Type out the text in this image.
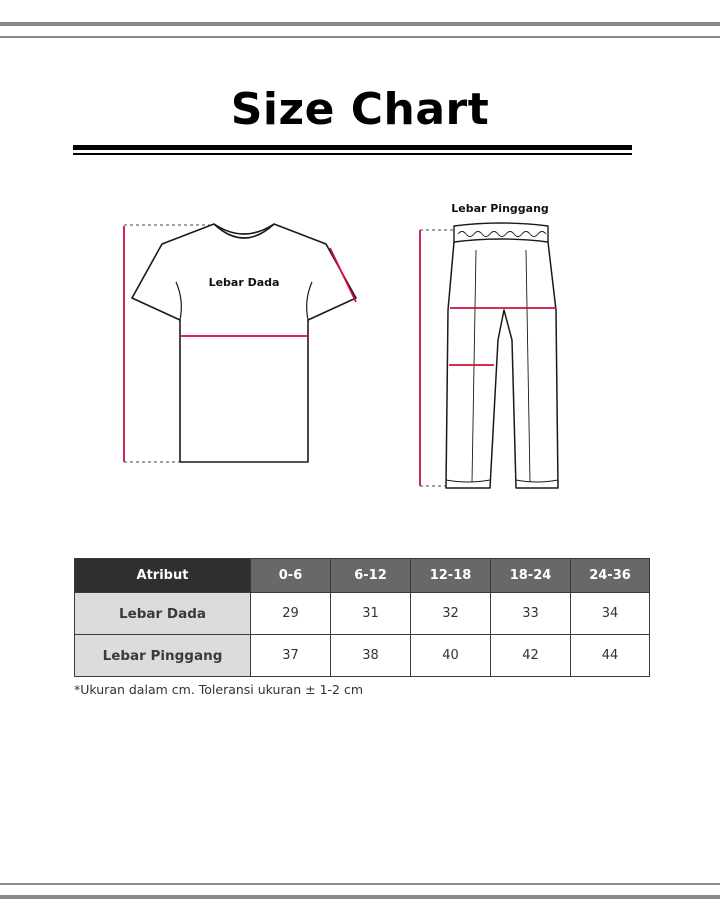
Size Chart
Lebar Dada
Lebar Pinggang
Atribut	0-6	6-12	12-18	18-24	24-36
Lebar Dada	29	31	32	33	34
Lebar Pinggang	37	38	40	42	44
*Ukuran dalam cm. Toleransi ukuran ± 1-2 cm
